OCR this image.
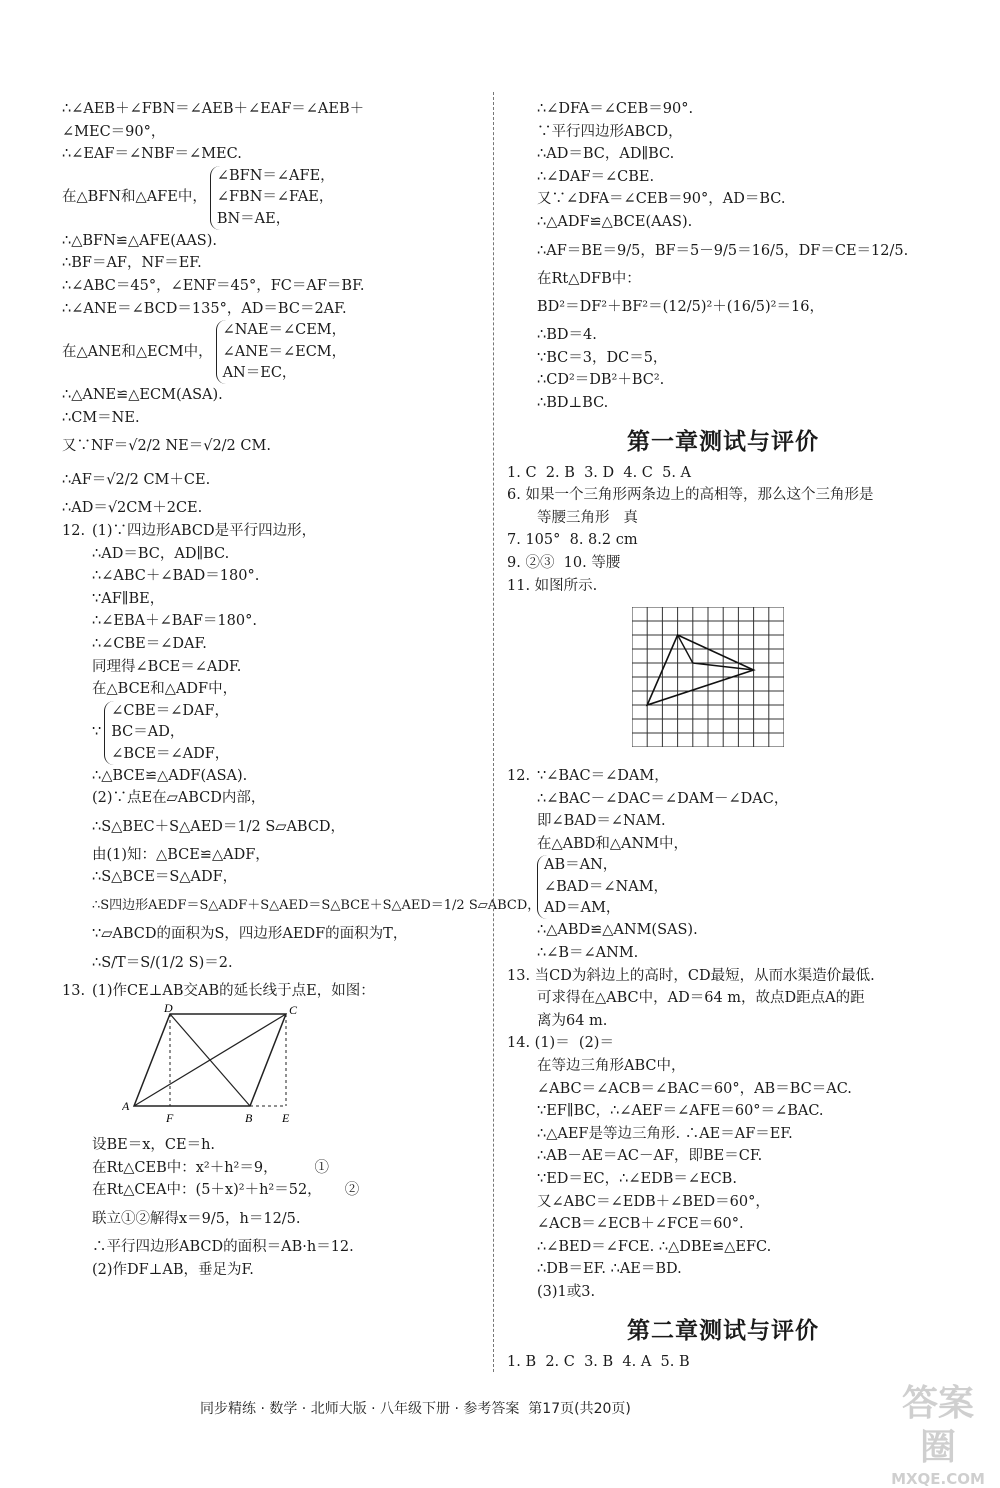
∴∠AEB＋∠FBN＝∠AEB＋∠EAF＝∠AEB＋
∠MEC＝90°，
∴∠EAF＝∠NBF＝∠MEC.
在△BFN和△AFE中，
∠BFN＝∠AFE，
∠FBN＝∠FAE，
BN＝AE，
∴△BFN≌△AFE(AAS).
∴BF＝AF，NF＝EF.
∴∠ABC＝45°，∠ENF＝45°，FC＝AF＝BF.
∴∠ANE＝∠BCD＝135°，AD＝BC＝2AF.
在△ANE和△ECM中，
∠NAE＝∠CEM，
∠ANE＝∠ECM，
AN＝EC，
∴△ANE≌△ECM(ASA).
∴CM＝NE.
又∵NF＝√2/2 NE＝√2/2 CM.
∴AF＝√2/2 CM＋CE.
∴AD＝√2CM＋2CE.
12. (1)∵四边形ABCD是平行四边形，
∴AD＝BC，AD∥BC.
∴∠ABC＋∠BAD＝180°.
∵AF∥BE，
∴∠EBA＋∠BAF＝180°.
∴∠CBE＝∠DAF.
同理得∠BCE＝∠ADF.
在△BCE和△ADF中，
∵
∠CBE＝∠DAF，
BC＝AD，
∠BCE＝∠ADF，
∴△BCE≌△ADF(ASA).
(2)∵点E在▱ABCD内部，
∴S△BEC＋S△AED＝1/2 S▱ABCD，
由(1)知：△BCE≌△ADF，
∴S△BCE＝S△ADF，
∴S四边形AEDF＝S△ADF＋S△AED＝S△BCE＋S△AED＝1/2 S▱ABCD，
∵▱ABCD的面积为S，四边形AEDF的面积为T，
∴S/T＝S/(1/2 S)＝2.
13. (1)作CE⊥AB交AB的延长线于点E，如图：
D	C
A
F	B E
设BE＝x，CE＝h.
在Rt△CEB中：x²＋h²＝9，        ①
在Rt△CEA中：(5＋x)²＋h²＝52，     ②
联立①②解得x＝9/5，h＝12/5.
∴平行四边形ABCD的面积＝AB·h＝12.
(2)作DF⊥AB，垂足为F.
∴∠DFA＝∠CEB＝90°.
∵平行四边形ABCD，
∴AD＝BC，AD∥BC.
∴∠DAF＝∠CBE.
又∵∠DFA＝∠CEB＝90°，AD＝BC.
∴△ADF≌△BCE(AAS).
∴AF＝BE＝9/5，BF＝5－9/5＝16/5，DF＝CE＝12/5.
在Rt△DFB中：
BD²＝DF²＋BF²＝(12/5)²＋(16/5)²＝16，
∴BD＝4.
∵BC＝3，DC＝5，
∴CD²＝DB²＋BC².
∴BD⊥BC.
第一章测试与评价
1. C  2. B  3. D  4. C  5. A
6. 如果一个三角形两条边上的高相等，那么这个三角形是
等腰三角形   真
7. 105°  8. 8.2 cm
9. ②③  10. 等腰
11. 如图所示.
12. ∵∠BAC＝∠DAM，
∴∠BAC－∠DAC＝∠DAM－∠DAC，
即∠BAD＝∠NAM.
在△ABD和△ANM中，
AB＝AN，
∠BAD＝∠NAM，
AD＝AM，
∴△ABD≌△ANM(SAS).
∴∠B＝∠ANM.
13. 当CD为斜边上的高时，CD最短，从而水渠造价最低.
可求得在△ABC中，AD＝64 m，故点D距点A的距
离为64 m.
14. (1)＝  (2)＝
在等边三角形ABC中，
∠ABC＝∠ACB＝∠BAC＝60°，AB＝BC＝AC.
∵EF∥BC，∴∠AEF＝∠AFE＝60°＝∠BAC.
∴△AEF是等边三角形. ∴AE＝AF＝EF.
∴AB－AE＝AC－AF，即BE＝CF.
∵ED＝EC，∴∠EDB＝∠ECB.
又∠ABC＝∠EDB＋∠BED＝60°，
∠ACB＝∠ECB＋∠FCE＝60°.
∴∠BED＝∠FCE. ∴△DBE≌△EFC.
∴DB＝EF. ∴AE＝BD.
(3)1或3.
第二章测试与评价
1. B  2. C  3. B  4. A  5. B
同步精练 · 数学 · 北师大版 · 八年级下册 · 参考答案  第17页(共20页)	答案圈
MXQE.COM
